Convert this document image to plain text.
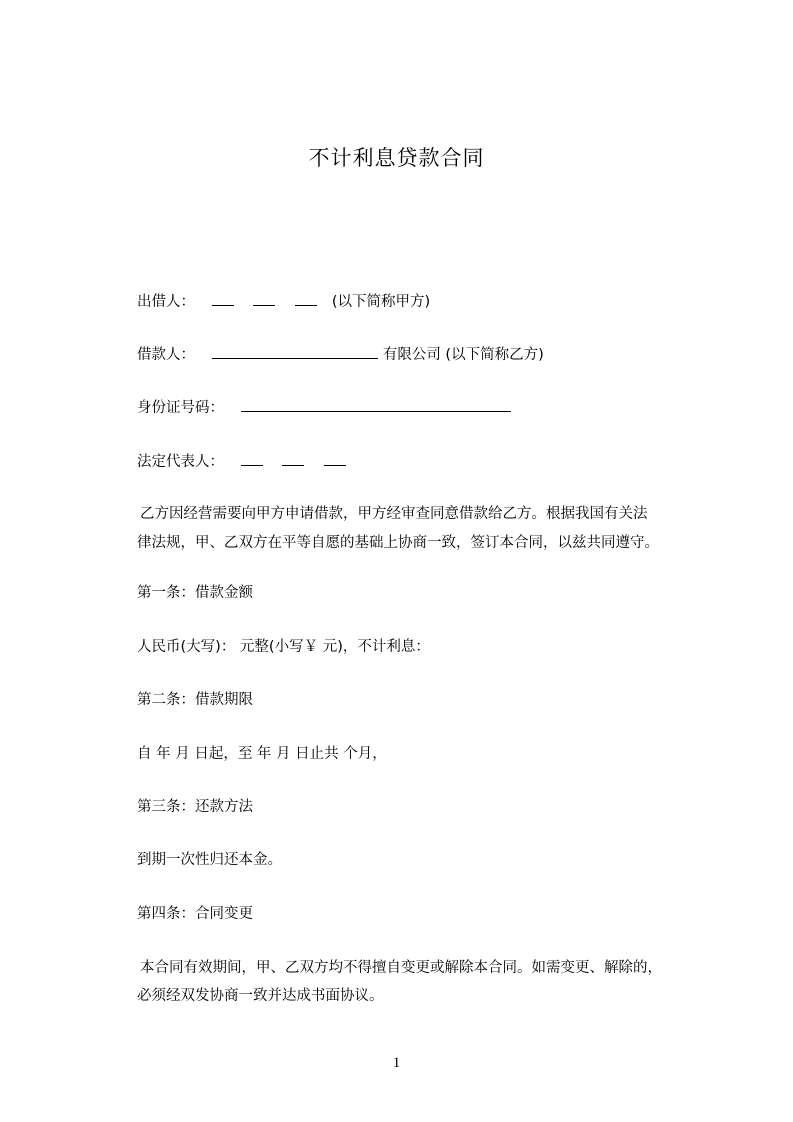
不计利息贷款合同
出借人：	(以下简称甲方)
借款人：	有限公司 (以下简称乙方)
身份证号码：
法定代表人：
乙方因经营需要向甲方申请借款，甲方经审查同意借款给乙方。根据我国有关法
律法规，甲、乙双方在平等自愿的基础上协商一致，签订本合同，以兹共同遵守。
第一条：借款金额
人民币(大写)： 元整(小写￥ 元)，不计利息：
第二条：借款期限
自 年 月 日起，至 年 月 日止共 个月，
第三条：还款方法
到期一次性归还本金。
第四条：合同变更
本合同有效期间，甲、乙双方均不得擅自变更或解除本合同。如需变更、解除的，
必须经双发协商一致并达成书面协议。
1
